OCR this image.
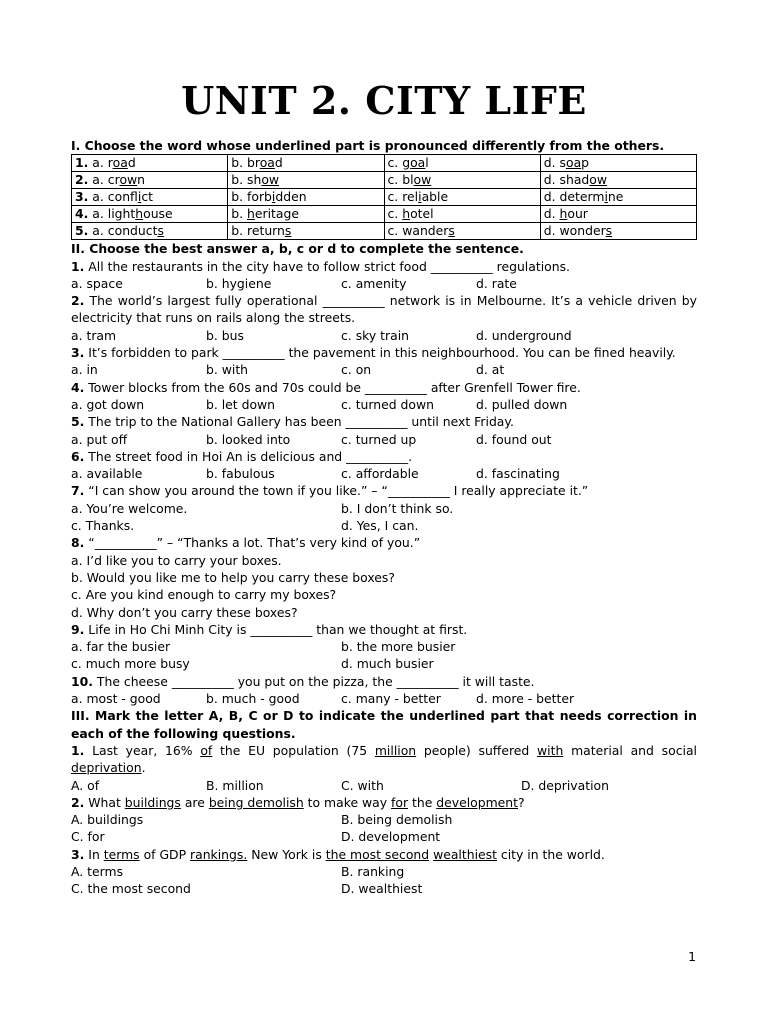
UNIT 2. CITY LIFE
I. Choose the word whose underlined part is pronounced differently from the others.
1. a. road	b. broad	c. goal	d. soap
2. a. crown	b. show	c. blow	d. shadow
3. a. conflict	b. forbidden	c. reliable	d. determine
4. a. lighthouse	b. heritage	c. hotel	d. hour
5. a. conducts	b. returns	c. wanders	d. wonders
II. Choose the best answer a, b, c or d to complete the sentence.
1. All the restaurants in the city have to follow strict food __________ regulations.
a. space	b. hygiene	c. amenity	d. rate
2. The world’s largest fully operational __________ network is in Melbourne. It’s a vehicle driven by electricity that runs on rails along the streets.
a. tram	b. bus	c. sky train	d. underground
3. It’s forbidden to park __________ the pavement in this neighbourhood. You can be fined heavily.
a. in	b. with	c. on	d. at
4. Tower blocks from the 60s and 70s could be __________ after Grenfell Tower fire.
a. got down	b. let down	c. turned down	d. pulled down
5. The trip to the National Gallery has been __________ until next Friday.
a. put off	b. looked into	c. turned up	d. found out
6. The street food in Hoi An is delicious and __________.
a. available	b. fabulous	c. affordable	d. fascinating
7. “I can show you around the town if you like.” – “__________ I really appreciate it.”
a. You’re welcome.	b. I don’t think so.
c. Thanks.	d. Yes, I can.
8. “__________” – “Thanks a lot. That’s very kind of you.”
a. I’d like you to carry your boxes.
b. Would you like me to help you carry these boxes?
c. Are you kind enough to carry my boxes?
d. Why don’t you carry these boxes?
9. Life in Ho Chi Minh City is __________ than we thought at first.
a. far the busier	b. the more busier
c. much more busy	d. much busier
10. The cheese __________ you put on the pizza, the __________ it will taste.
a. most - good	b. much - good	c. many - better	d. more - better
III. Mark the letter A, B, C or D to indicate the underlined part that needs correction in each of the following questions.
1. Last year, 16% of the EU population (75 million people) suffered with material and social deprivation.
A. of	B. million	C. with	D. deprivation
2. What buildings are being demolish to make way for the development?
A. buildings	B. being demolish
C. for	D. development
3. In terms of GDP rankings. New York is the most second wealthiest city in the world.
A. terms	B. ranking
C. the most second	D. wealthiest
1
